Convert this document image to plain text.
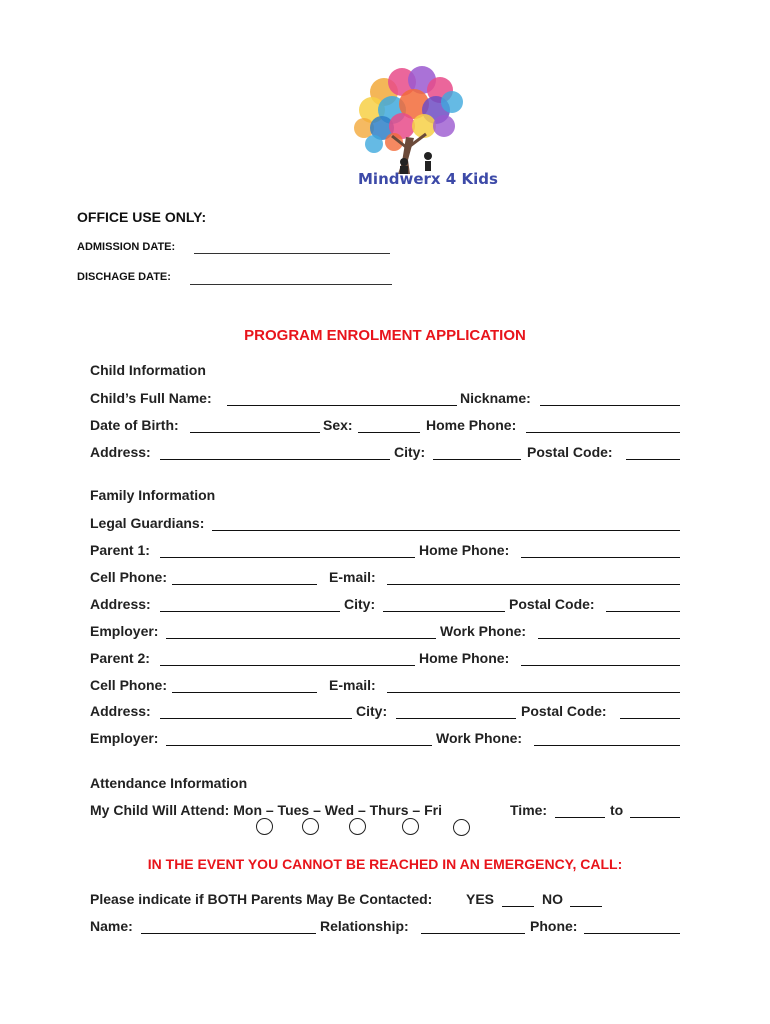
Mindwerx 4 Kids
OFFICE USE ONLY:
ADMISSION DATE:
DISCHAGE DATE:
PROGRAM ENROLMENT APPLICATION
Child Information
Child’s Full Name:	Nickname:
Date of Birth:	Sex:	Home Phone:
Address:	City:	Postal Code:
Family Information
Legal Guardians:
Parent 1:	Home Phone:
Cell Phone:	E-mail:
Address:	City:	Postal Code:
Employer:	Work Phone:
Parent 2:	Home Phone:
Cell Phone:	E-mail:
Address:	City:	Postal Code:
Employer:	Work Phone:
Attendance Information
My Child Will Attend: Mon – Tues – Wed – Thurs – Fri	Time:	to
IN THE EVENT YOU CANNOT BE REACHED IN AN EMERGENCY, CALL:
Please indicate if BOTH Parents May Be Contacted: YES	NO
Name:	Relationship:	Phone:
